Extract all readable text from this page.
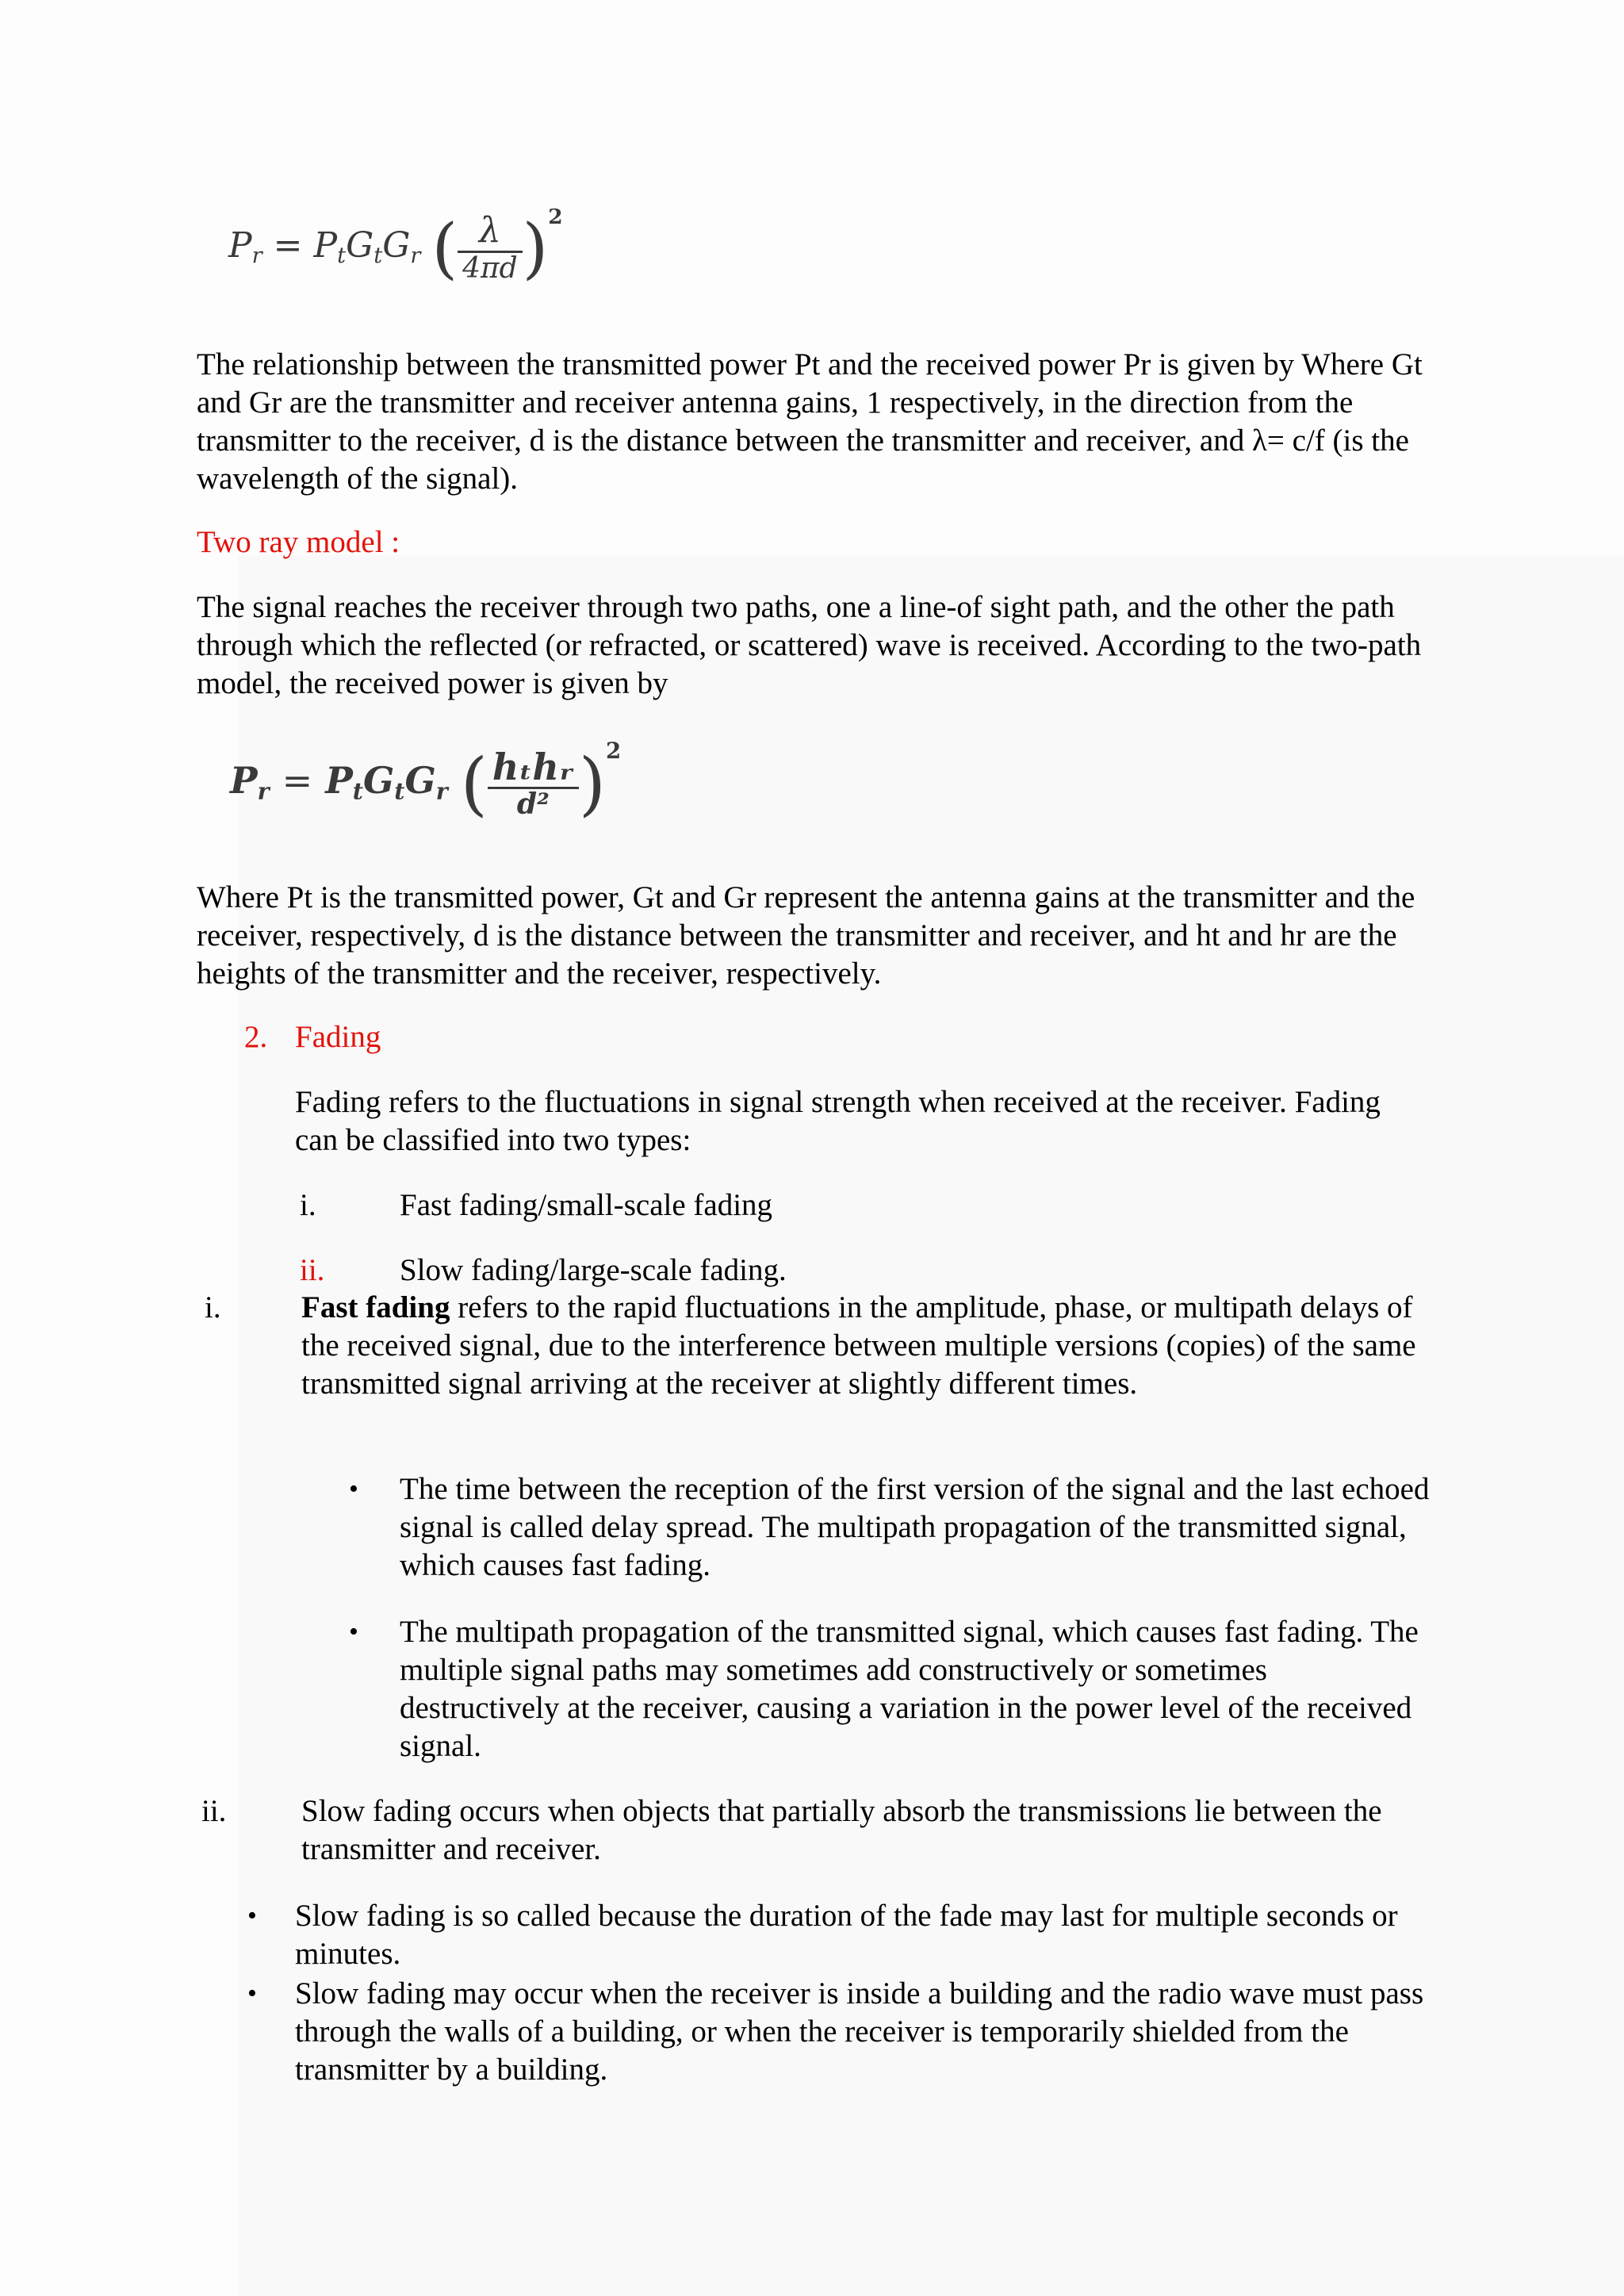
$P_r = P_tG_tG_r$ ( $\frac{\lambda}{4\pi d} )^2$

The relationship between the transmitted power Pt and the received power Pr is given by Where Gt and Gr are the transmitter and receiver antenna gains, 1 respectively, in the direction from the transmitter to the receiver, d is the distance between the transmitter and receiver, and λ= c/f (is the wavelength of the signal).

Two ray model :

The signal reaches the receiver through two paths, one a line-of sight path, and the other the path through which the reflected (or refracted, or scattered) wave is received. According to the two-path model, the received power is given by

$P_r = P_tG_tG_r$ ( $\frac{\text{hₜhᵣ}}{\text{d²}} )^2$

Where Pt is the transmitted power, Gt and Gr represent the antenna gains at the transmitter and the receiver, respectively, d is the distance between the transmitter and receiver, and ht and hr are the heights of the transmitter and the receiver, respectively.

2. Fading

Fading refers to the fluctuations in signal strength when received at the receiver. Fading can be classified into two types:

i.	Fast fading/small-scale fading
ii. Slow fading/large-scale fading.
i.	Fast fading refers to the rapid fluctuations in the amplitude, phase, or multipath delays of the received signal, due to the interference between multiple versions (copies) of the same transmitted signal arriving at the receiver at slightly different times.

• The time between the reception of the first version of the signal and the last echoed signal is called delay spread. The multipath propagation of the transmitted signal, which causes fast fading.

• The multipath propagation of the transmitted signal, which causes fast fading. The multiple signal paths may sometimes add constructively or sometimes destructively at the receiver, causing a variation in the power level of the received signal.

ii. Slow fading occurs when objects that partially absorb the transmissions lie between the transmitter and receiver.

• Slow fading is so called because the duration of the fade may last for multiple seconds or minutes.

• Slow fading may occur when the receiver is inside a building and the radio wave must pass through the walls of a building, or when the receiver is temporarily shielded from the transmitter by a building.
